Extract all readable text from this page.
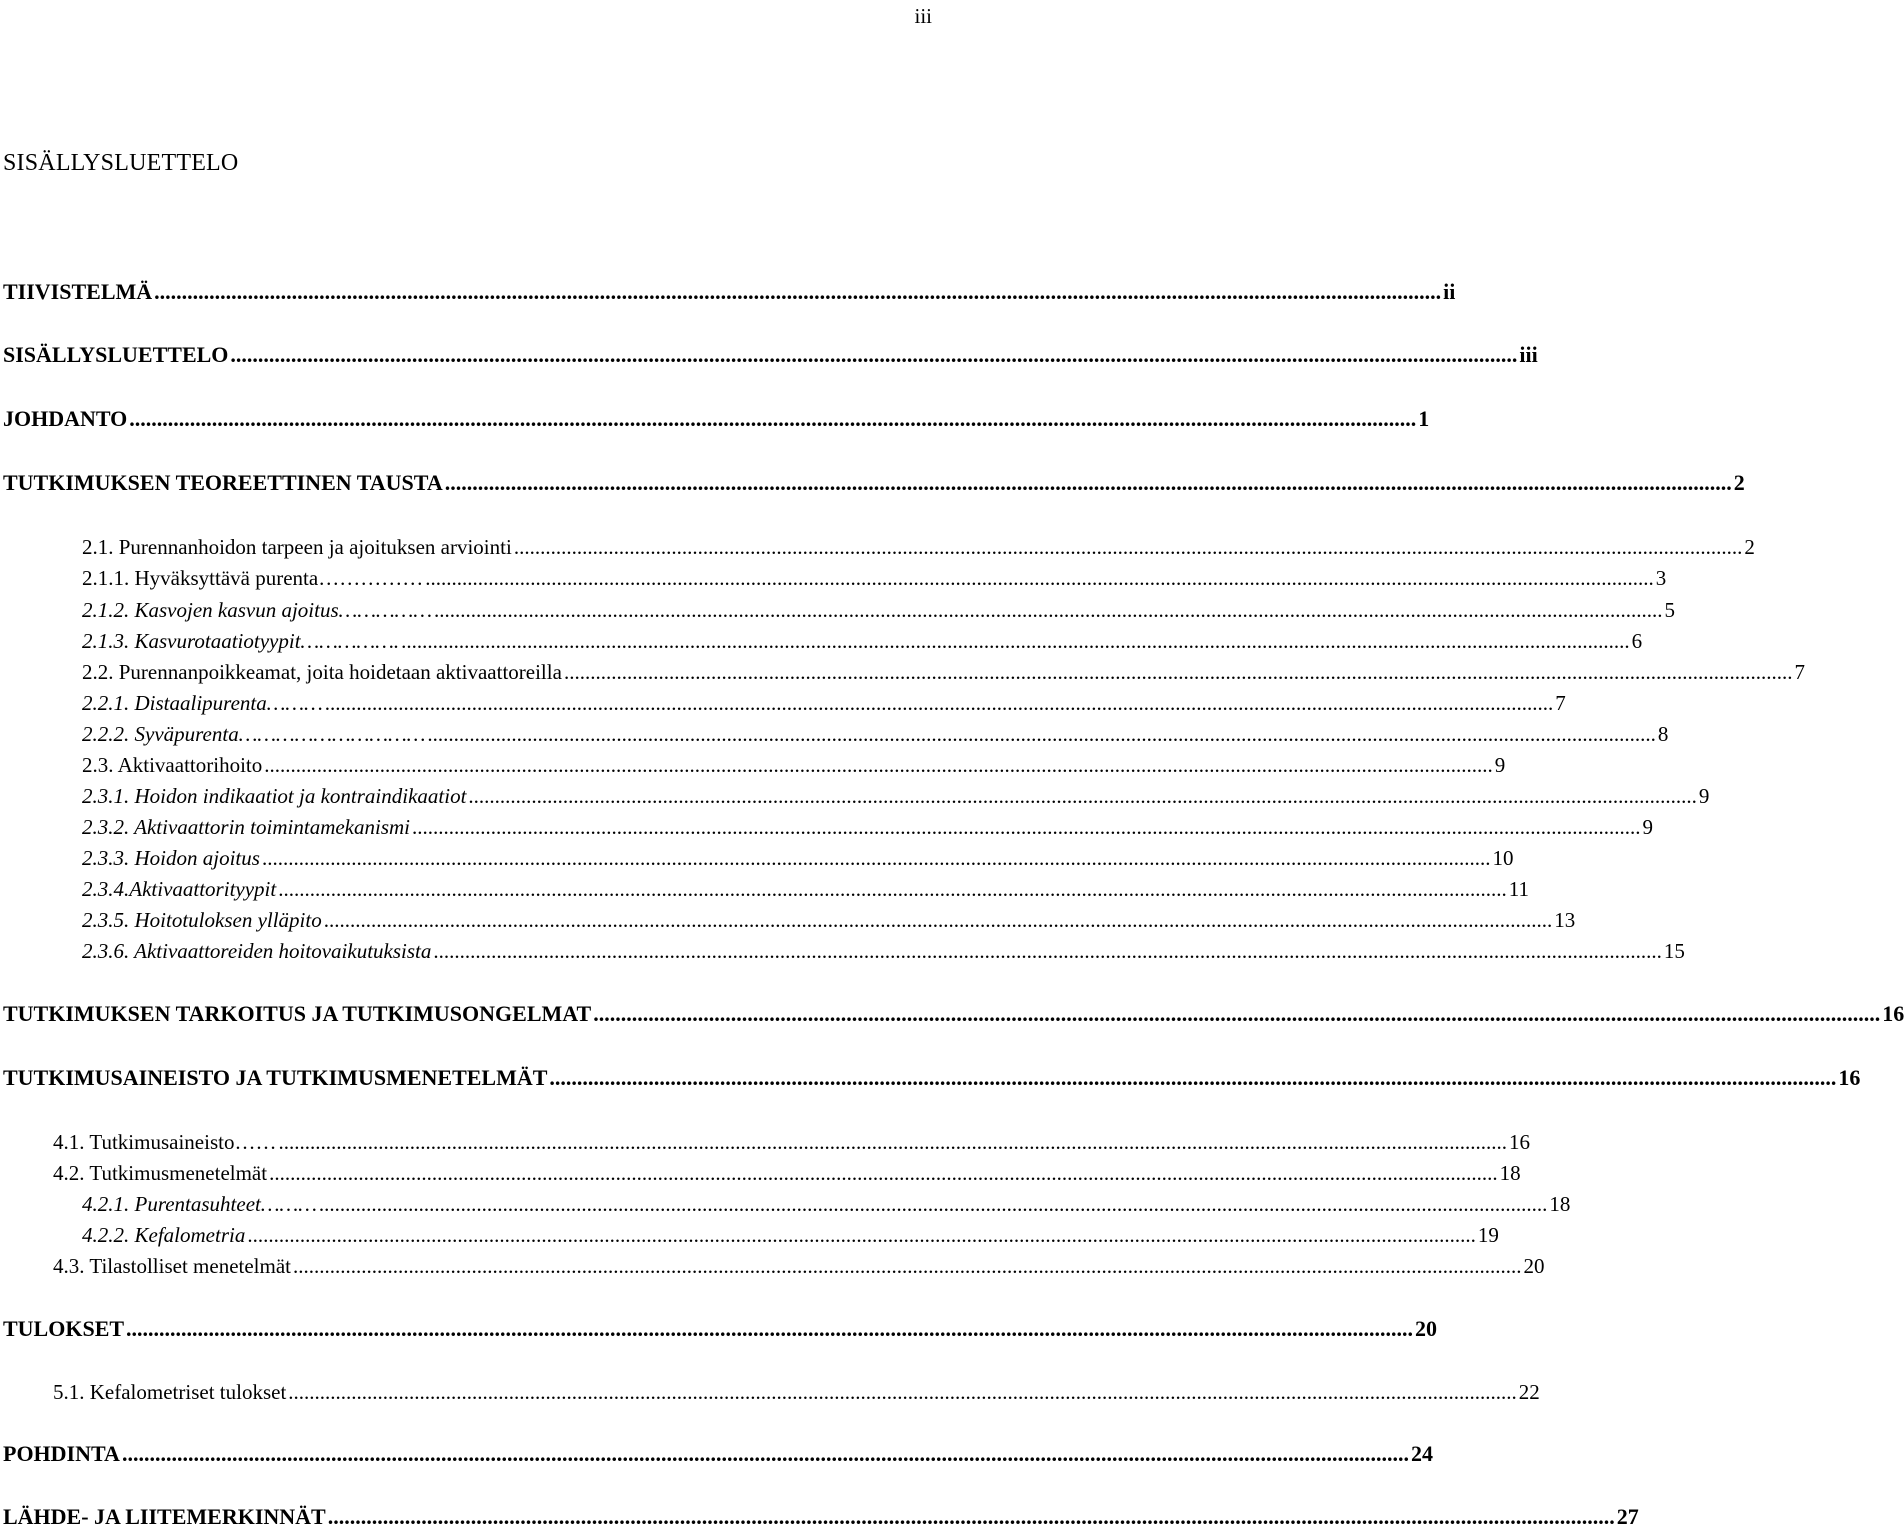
iii
SISÄLLYSLUETTELO
TIIVISTELMÄ .......................................................................................................................................................................................................................................... ii
SISÄLLYSLUETTELO .......................................................................................................................................................................................................................................... iii
JOHDANTO .......................................................................................................................................................................................................................................... 1
TUTKIMUKSEN TEOREETTINEN TAUSTA .......................................................................................................................................................................................................................................... 2
2.1. Purennanhoidon tarpeen ja ajoituksen arviointi .......................................................................................................................................................................................................................................... 2
2.1.1. Hyväksyttävä purenta…………… .......................................................................................................................................................................................................................................... 3
2.1.2. Kasvojen kasvun ajoitus…………… .......................................................................................................................................................................................................................................... 5
2.1.3. Kasvurotaatiotyypit……………. .......................................................................................................................................................................................................................................... 6
2.2. Purennanpoikkeamat, joita hoidetaan aktivaattoreilla .......................................................................................................................................................................................................................................... 7
2.2.1. Distaalipurenta……… .......................................................................................................................................................................................................................................... 7
2.2.2. Syväpurenta………………………… .......................................................................................................................................................................................................................................... 8
2.3. Aktivaattorihoito .......................................................................................................................................................................................................................................... 9
2.3.1. Hoidon indikaatiot ja kontraindikaatiot .......................................................................................................................................................................................................................................... 9
2.3.2. Aktivaattorin toimintamekanismi .......................................................................................................................................................................................................................................... 9
2.3.3. Hoidon ajoitus .......................................................................................................................................................................................................................................... 10
2.3.4.Aktivaattorityypit .......................................................................................................................................................................................................................................... 11
2.3.5. Hoitotuloksen ylläpito .......................................................................................................................................................................................................................................... 13
2.3.6. Aktivaattoreiden hoitovaikutuksista .......................................................................................................................................................................................................................................... 15
TUTKIMUKSEN TARKOITUS JA TUTKIMUSONGELMAT .......................................................................................................................................................................................................................................... 16
TUTKIMUSAINEISTO JA TUTKIMUSMENETELMÄT .......................................................................................................................................................................................................................................... 16
4.1. Tutkimusaineisto…… .......................................................................................................................................................................................................................................... 16
4.2. Tutkimusmenetelmät .......................................................................................................................................................................................................................................... 18
4.2.1. Purentasuhteet……… .......................................................................................................................................................................................................................................... 18
4.2.2. Kefalometria .......................................................................................................................................................................................................................................... 19
4.3. Tilastolliset menetelmät .......................................................................................................................................................................................................................................... 20
TULOKSET .......................................................................................................................................................................................................................................... 20
5.1. Kefalometriset tulokset .......................................................................................................................................................................................................................................... 22
POHDINTA .......................................................................................................................................................................................................................................... 24
LÄHDE- JA LIITEMERKINNÄT .......................................................................................................................................................................................................................................... 27
